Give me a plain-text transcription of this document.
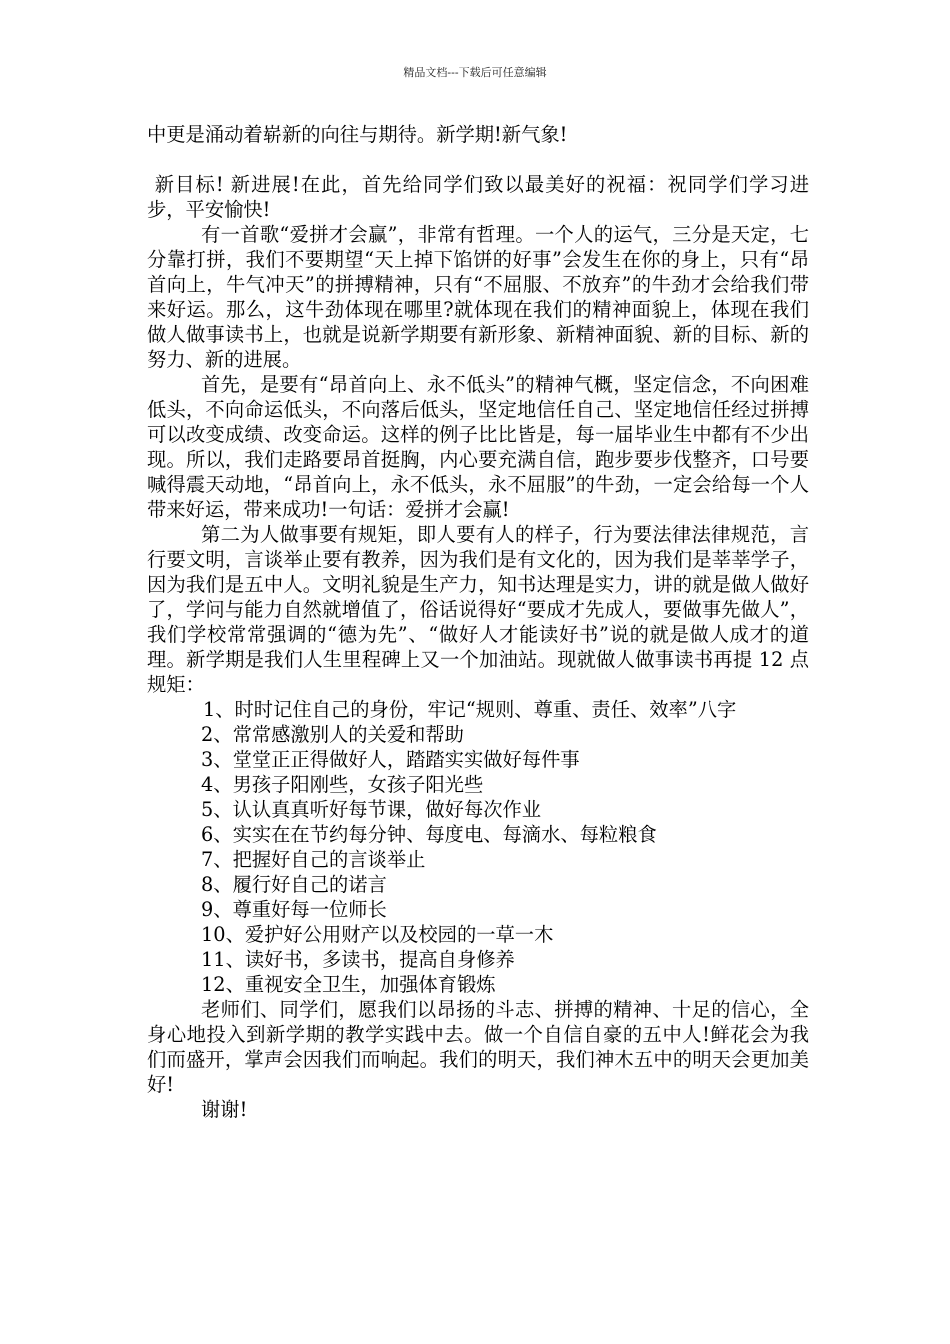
精品文档---下载后可任意编辑

中更是涌动着崭新的向往与期待。新学期!新气象!

新目标! 新进展!在此，首先给同学们致以最美好的祝福：祝同学们学习进步，平安愉快!

有一首歌“爱拼才会赢”，非常有哲理。一个人的运气，三分是天定，七分靠打拼，我们不要期望“天上掉下馅饼的好事”会发生在你的身上，只有“昂首向上，牛气冲天”的拼搏精神，只有“不屈服、不放弃”的牛劲才会给我们带来好运。那么，这牛劲体现在哪里?就体现在我们的精神面貌上，体现在我们做人做事读书上，也就是说新学期要有新形象、新精神面貌、新的目标、新的努力、新的进展。

首先，是要有“昂首向上、永不低头”的精神气概，坚定信念，不向困难低头，不向命运低头，不向落后低头，坚定地信任自己、坚定地信任经过拼搏可以改变成绩、改变命运。这样的例子比比皆是，每一届毕业生中都有不少出现。所以，我们走路要昂首挺胸，内心要充满自信，跑步要步伐整齐，口号要喊得震天动地，“昂首向上，永不低头，永不屈服”的牛劲，一定会给每一个人带来好运，带来成功!一句话：爱拼才会赢!

第二为人做事要有规矩，即人要有人的样子，行为要法律法律规范，言行要文明，言谈举止要有教养，因为我们是有文化的，因为我们是莘莘学子，因为我们是五中人。文明礼貌是生产力，知书达理是实力，讲的就是做人做好了，学问与能力自然就增值了，俗话说得好“要成才先成人，要做事先做人”，我们学校常常强调的“德为先”、“做好人才能读好书”说的就是做人成才的道理。新学期是我们人生里程碑上又一个加油站。现就做人做事读书再提 12 点规矩：

1、时时记住自己的身份，牢记“规则、尊重、责任、效率”八字
2、常常感激别人的关爱和帮助
3、堂堂正正得做好人，踏踏实实做好每件事
4、男孩子阳刚些，女孩子阳光些
5、认认真真听好每节课，做好每次作业
6、实实在在节约每分钟、每度电、每滴水、每粒粮食
7、把握好自己的言谈举止
8、履行好自己的诺言
9、尊重好每一位师长
10、爱护好公用财产以及校园的一草一木
11、读好书，多读书，提高自身修养
12、重视安全卫生，加强体育锻炼

老师们、同学们，愿我们以昂扬的斗志、拼搏的精神、十足的信心，全身心地投入到新学期的教学实践中去。做一个自信自豪的五中人!鲜花会为我们而盛开，掌声会因我们而响起。我们的明天，我们神木五中的明天会更加美好!

谢谢!
